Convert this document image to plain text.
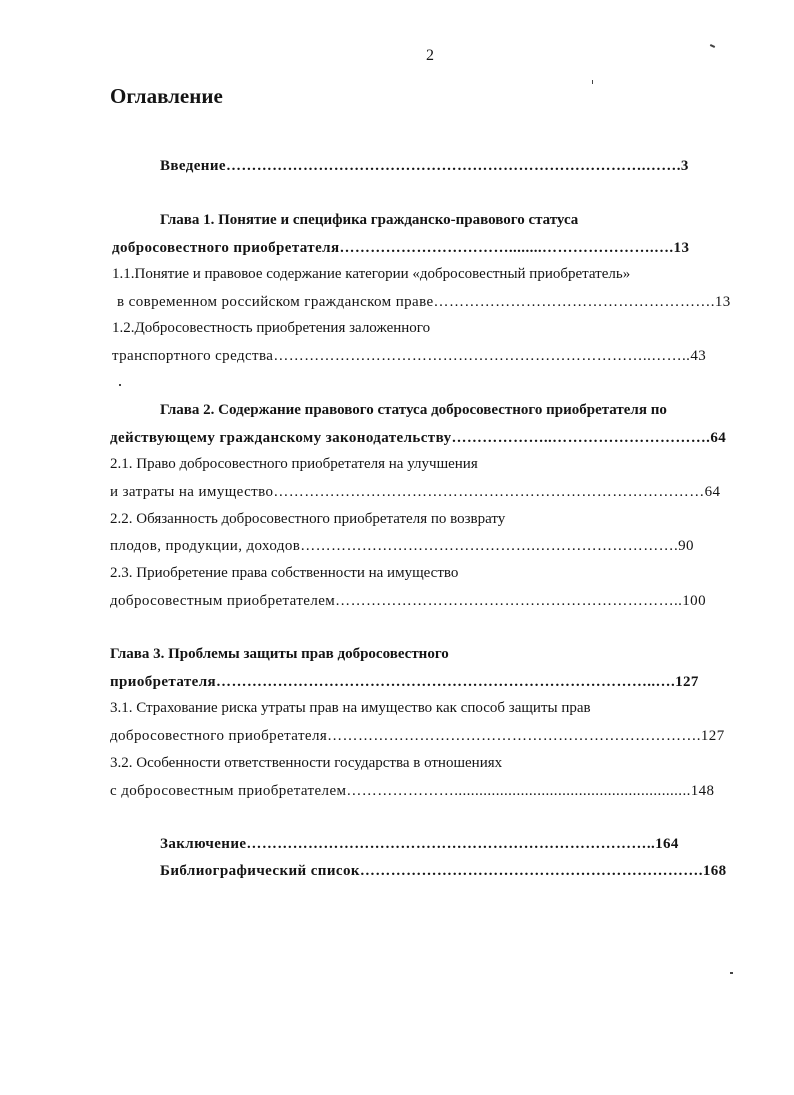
2
Оглавление
Введение……………………………………………………………………….…….3
Глава 1. Понятие и специфика гражданско-правового статуса
добросовестного приобретателя……………………………........………………….….13
1.1.Понятие и правовое содержание категории «добросовестный приобретатель»
в современном российском гражданском праве……………………………………………….13
1.2.Добросовестность приобретения заложенного
транспортного средства………………………………………………………………..……..43
Глава 2. Содержание правового статуса добросовестного приобретателя по
действующему гражданскому законодательству………………..………………………….64
2.1. Право добросовестного приобретателя на улучшения
и затраты на имущество…………………………………………………………………………64
2.2. Обязанность добросовестного приобретателя по возврату
плодов, продукции, доходов……………………………………….……………………….90
2.3. Приобретение права собственности на имущество
добросовестным приобретателем…………………………………………………………..100
Глава 3. Проблемы защиты прав добросовестного
приобретателя…………………………………………………………………………..….127
3.1. Страхование риска утраты прав на имущество как способ защиты прав
добросовестного приобретателя……………………………………………………………….127
3.2. Особенности ответственности государства в отношениях
с добросовестным приобретателем………………….........................................................148
Заключение……………………………………………………………………..164
Библиографический список………………………………………………………….168
